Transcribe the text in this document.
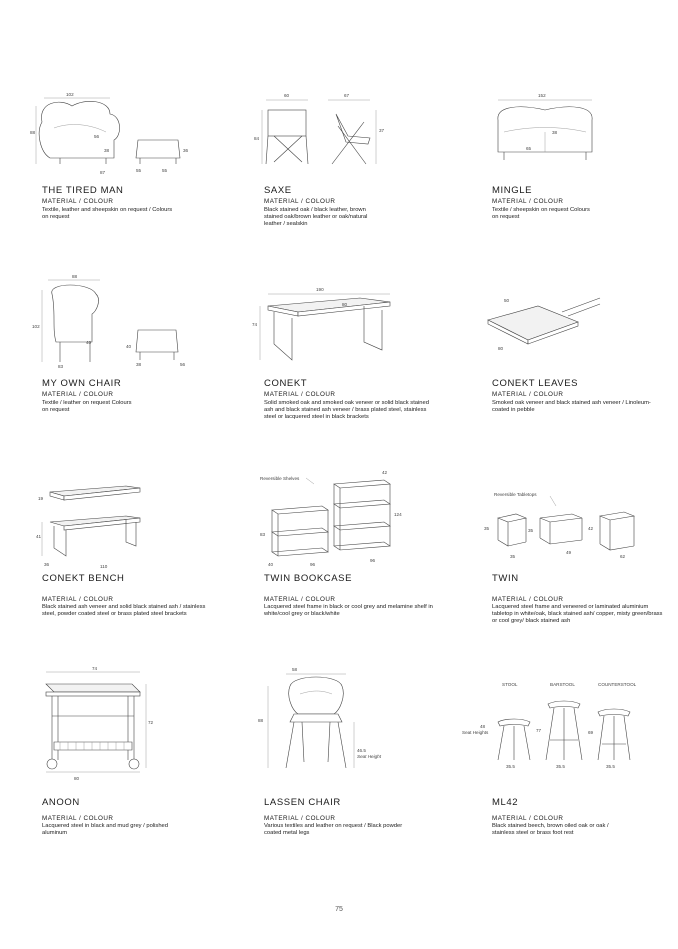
102
88
56
38	36
55	55
87
THE TIRED MAN
MATERIAL / COLOUR
Textile, leather and sheepskin on request / Colours on request
60
84
67
37
SAXE
MATERIAL / COLOUR
Black stained oak / black leather, brown stained oak/brown leather or oak/natural leather / sealskin
152
65
38
MINGLE
MATERIAL / COLOUR
Textile / sheepskin on request Colours on request
88
102
40
83
40
38	56
MY OWN CHAIR
MATERIAL / COLOUR
Textile / leather on request Colours on request
190
80
74
CONEKT
MATERIAL / COLOUR
Solid smoked oak and smoked oak veneer or solid black stained ash and black stained ash veneer / brass plated steel, stainless steel or lacquered steel in black brackets
50
80
CONEKT LEAVES
MATERIAL / COLOUR
Smoked oak veneer and black stained ash veneer / Linoleum-coated in pebble
19
41
36	110
CONEKT BENCH
MATERIAL / COLOUR
Black stained ash veneer and solid black stained ash / stainless steel, powder coated steel or brass plated steel brackets
Reversible Shelves
42
124
83
40	96
96
TWIN BOOKCASE
MATERIAL / COLOUR
Lacquered steel frame in black or cool grey and melamine shelf in white/cool grey or black/white
Reversible Tabletops
35	35	42
35
49
62
TWIN
MATERIAL / COLOUR
Lacquered steel frame and veneered or laminated aluminium tabletop in white/oak, black stained ash/ copper, misty green/brass or cool grey/ black stained ash
74
72
80
ANOON
MATERIAL / COLOUR
Lacquered steel in black and mud grey / polished aluminum
58
88
46.5
Seat Height
LASSEN CHAIR
MATERIAL / COLOUR
Various textiles and leather on request / Black powder coated metal legs
STOOL	BARSTOOL	COUNTERSTOOL
48
Seat Heights
35.5
77
35.5
69
35.5
ML42
MATERIAL / COLOUR
Black stained beech, brown oiled oak or oak / stainless steel or brass foot rest
75
